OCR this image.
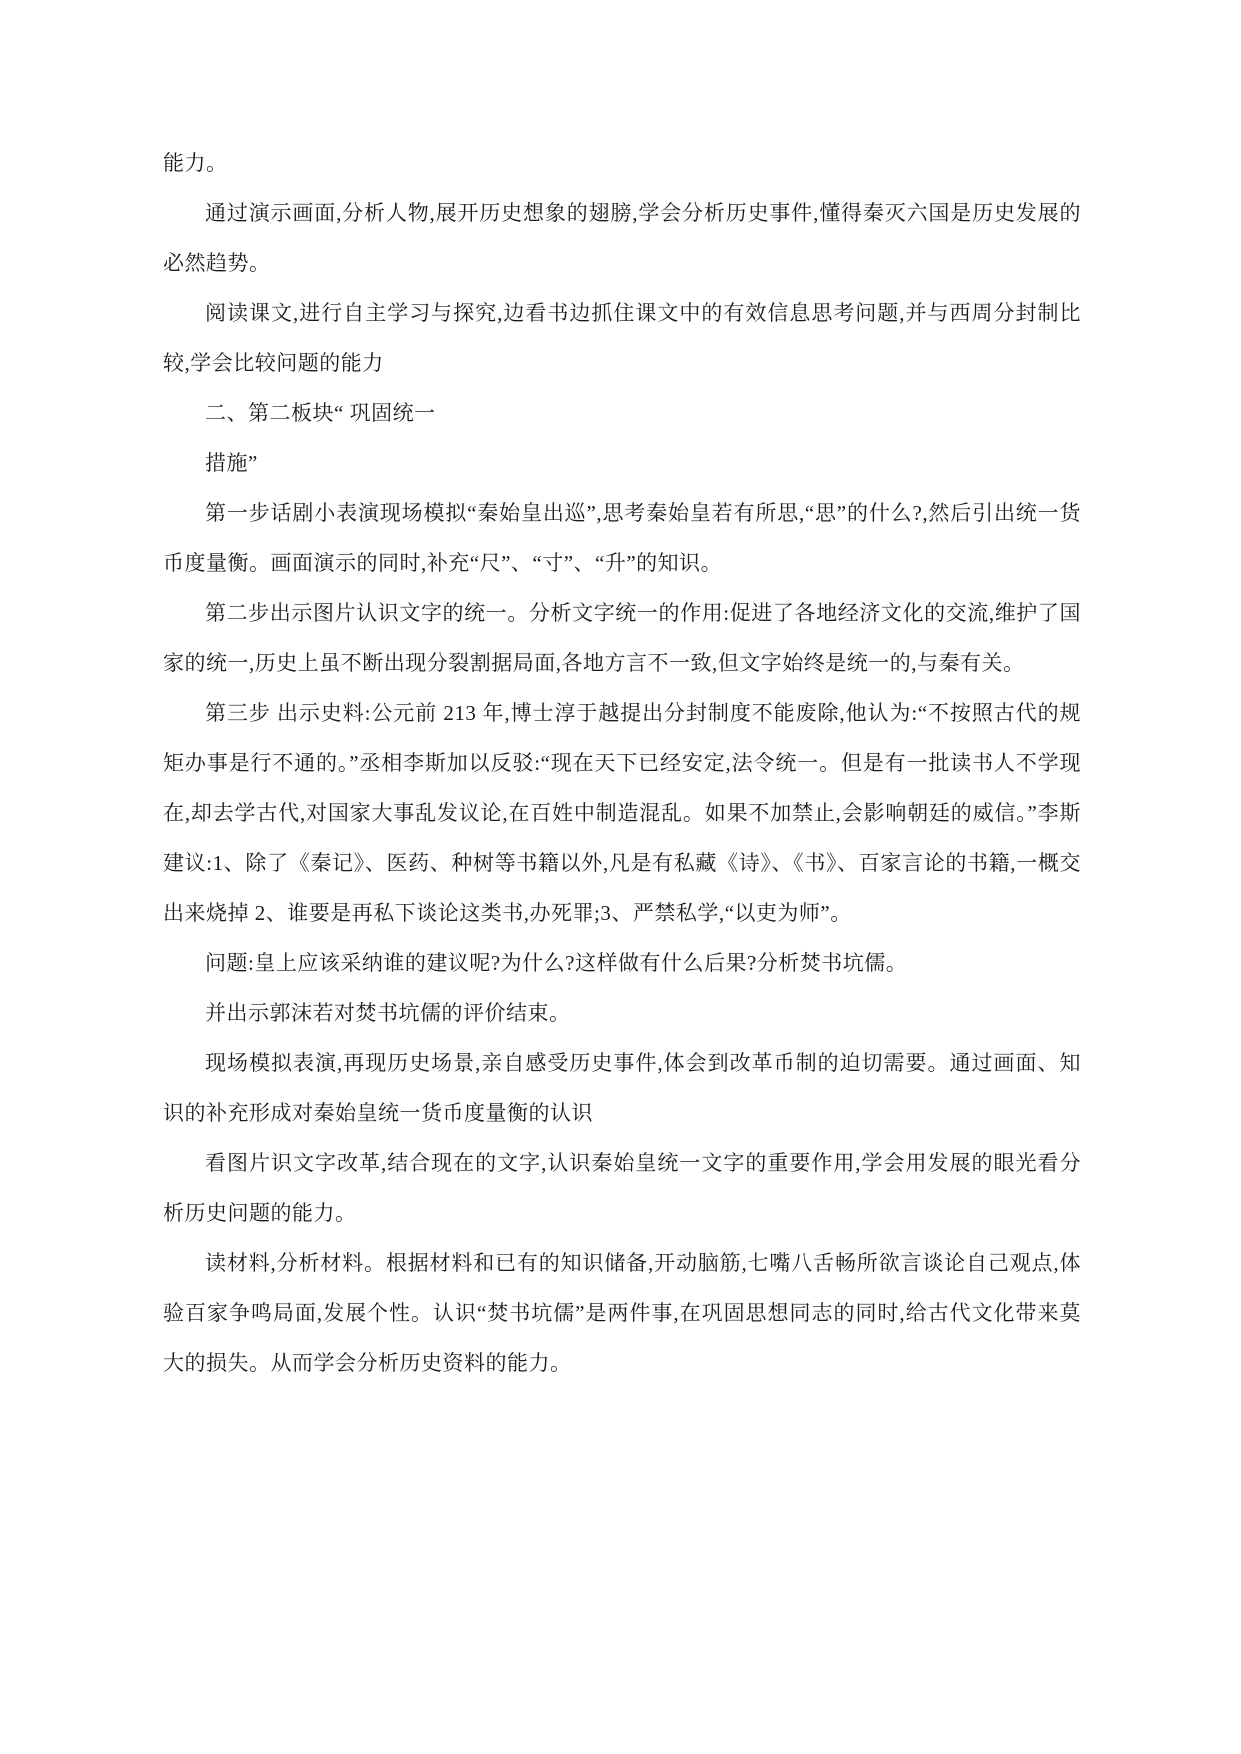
能力。

通过演示画面,分析人物,展开历史想象的翅膀,学会分析历史事件,懂得秦灭六国是历史发展的必然趋势。

阅读课文,进行自主学习与探究,边看书边抓住课文中的有效信息思考问题,并与西周分封制比较,学会比较问题的能力

二、第二板块“ 巩固统一

措施”

第一步话剧小表演现场模拟“秦始皇出巡”,思考秦始皇若有所思,“思”的什么?,然后引出统一货币度量衡。画面演示的同时,补充“尺”、“寸”、“升”的知识。

第二步出示图片认识文字的统一。分析文字统一的作用:促进了各地经济文化的交流,维护了国家的统一,历史上虽不断出现分裂割据局面,各地方言不一致,但文字始终是统一的,与秦有关。

第三步 出示史料:公元前 213 年,博士淳于越提出分封制度不能废除,他认为:“不按照古代的规矩办事是行不通的。”丞相李斯加以反驳:“现在天下已经安定,法令统一。但是有一批读书人不学现在,却去学古代,对国家大事乱发议论,在百姓中制造混乱。如果不加禁止,会影响朝廷的威信。”李斯建议:1、除了《秦记》、医药、种树等书籍以外,凡是有私藏《诗》、《书》、百家言论的书籍,一概交出来烧掉 2、谁要是再私下谈论这类书,办死罪;3、严禁私学,“以吏为师”。

问题:皇上应该采纳谁的建议呢?为什么?这样做有什么后果?分析焚书坑儒。

并出示郭沫若对焚书坑儒的评价结束。

现场模拟表演,再现历史场景,亲自感受历史事件,体会到改革币制的迫切需要。通过画面、知识的补充形成对秦始皇统一货币度量衡的认识

看图片识文字改革,结合现在的文字,认识秦始皇统一文字的重要作用,学会用发展的眼光看分析历史问题的能力。

读材料,分析材料。根据材料和已有的知识储备,开动脑筋,七嘴八舌畅所欲言谈论自己观点,体验百家争鸣局面,发展个性。认识“焚书坑儒”是两件事,在巩固思想同志的同时,给古代文化带来莫大的损失。从而学会分析历史资料的能力。
